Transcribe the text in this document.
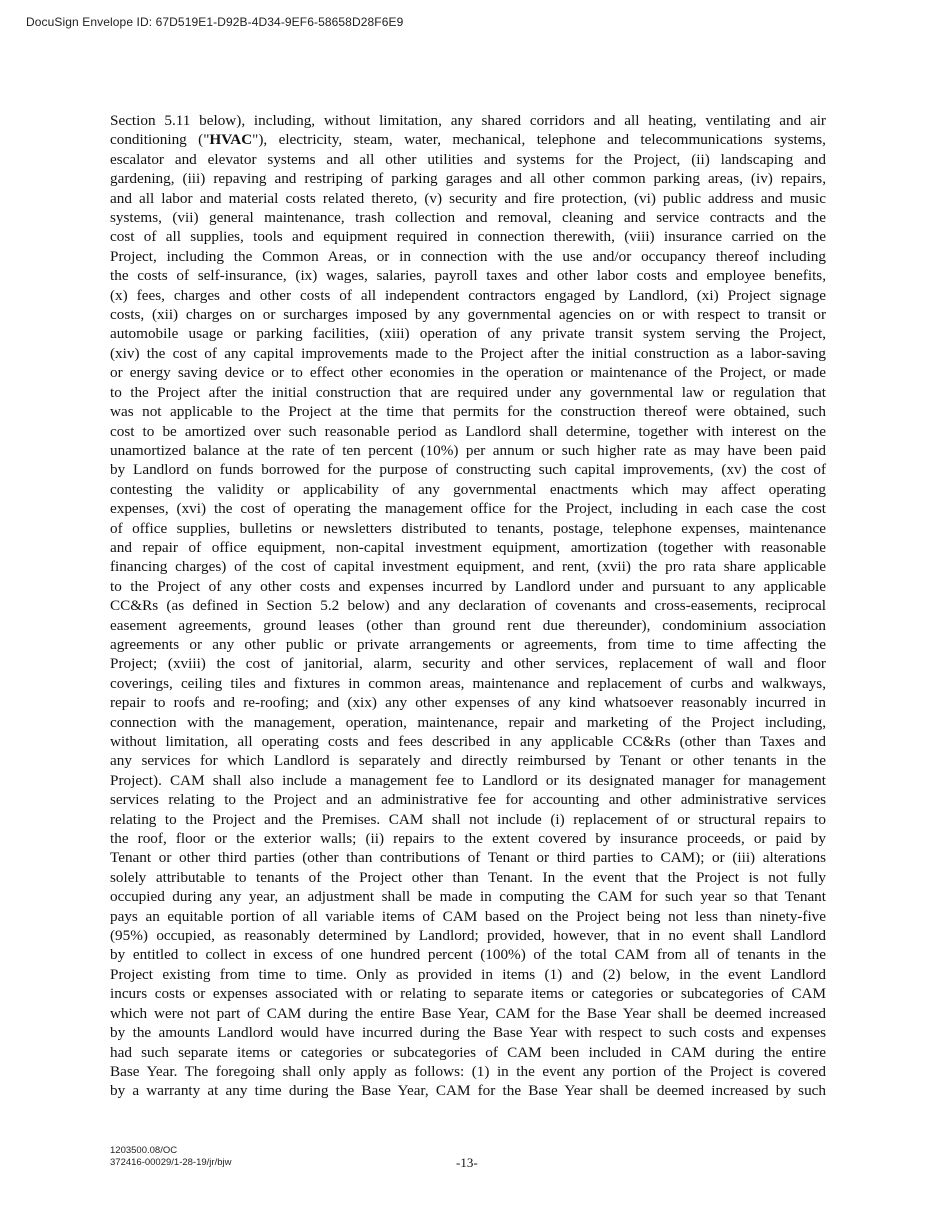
DocuSign Envelope ID: 67D519E1-D92B-4D34-9EF6-58658D28F6E9
Section 5.11 below), including, without limitation, any shared corridors and all heating, ventilating and air
conditioning ("HVAC"), electricity, steam, water, mechanical, telephone and telecommunications systems,
escalator and elevator systems and all other utilities and systems for the Project, (ii) landscaping and
gardening, (iii) repaving and restriping of parking garages and all other common parking areas, (iv) repairs,
and all labor and material costs related thereto, (v) security and fire protection, (vi) public address and music
systems, (vii) general maintenance, trash collection and removal, cleaning and service contracts and the
cost of all supplies, tools and equipment required in connection therewith, (viii) insurance carried on the
Project, including the Common Areas, or in connection with the use and/or occupancy thereof including
the costs of self-insurance, (ix) wages, salaries, payroll taxes and other labor costs and employee benefits,
(x) fees, charges and other costs of all independent contractors engaged by Landlord, (xi) Project signage
costs, (xii) charges on or surcharges imposed by any governmental agencies on or with respect to transit or
automobile usage or parking facilities, (xiii) operation of any private transit system serving the Project,
(xiv) the cost of any capital improvements made to the Project after the initial construction as a labor-saving
or energy saving device or to effect other economies in the operation or maintenance of the Project, or made
to the Project after the initial construction that are required under any governmental law or regulation that
was not applicable to the Project at the time that permits for the construction thereof were obtained, such
cost to be amortized over such reasonable period as Landlord shall determine, together with interest on the
unamortized balance at the rate of ten percent (10%) per annum or such higher rate as may have been paid
by Landlord on funds borrowed for the purpose of constructing such capital improvements, (xv) the cost of
contesting the validity or applicability of any governmental enactments which may affect operating
expenses, (xvi) the cost of operating the management office for the Project, including in each case the cost
of office supplies, bulletins or newsletters distributed to tenants, postage, telephone expenses, maintenance
and repair of office equipment, non-capital investment equipment, amortization (together with reasonable
financing charges) of the cost of capital investment equipment, and rent, (xvii) the pro rata share applicable
to the Project of any other costs and expenses incurred by Landlord under and pursuant to any applicable
CC&Rs (as defined in Section 5.2 below) and any declaration of covenants and cross-easements, reciprocal
easement agreements, ground leases (other than ground rent due thereunder), condominium association
agreements or any other public or private arrangements or agreements, from time to time affecting the
Project; (xviii) the cost of janitorial, alarm, security and other services, replacement of wall and floor
coverings, ceiling tiles and fixtures in common areas, maintenance and replacement of curbs and walkways,
repair to roofs and re-roofing; and (xix) any other expenses of any kind whatsoever reasonably incurred in
connection with the management, operation, maintenance, repair and marketing of the Project including,
without limitation, all operating costs and fees described in any applicable CC&Rs (other than Taxes and
any services for which Landlord is separately and directly reimbursed by Tenant or other tenants in the
Project). CAM shall also include a management fee to Landlord or its designated manager for management
services relating to the Project and an administrative fee for accounting and other administrative services
relating to the Project and the Premises. CAM shall not include (i) replacement of or structural repairs to
the roof, floor or the exterior walls; (ii) repairs to the extent covered by insurance proceeds, or paid by
Tenant or other third parties (other than contributions of Tenant or third parties to CAM); or (iii) alterations
solely attributable to tenants of the Project other than Tenant. In the event that the Project is not fully
occupied during any year, an adjustment shall be made in computing the CAM for such year so that Tenant
pays an equitable portion of all variable items of CAM based on the Project being not less than ninety-five
(95%) occupied, as reasonably determined by Landlord; provided, however, that in no event shall Landlord
by entitled to collect in excess of one hundred percent (100%) of the total CAM from all of tenants in the
Project existing from time to time. Only as provided in items (1) and (2) below, in the event Landlord
incurs costs or expenses associated with or relating to separate items or categories or subcategories of CAM
which were not part of CAM during the entire Base Year, CAM for the Base Year shall be deemed increased
by the amounts Landlord would have incurred during the Base Year with respect to such costs and expenses
had such separate items or categories or subcategories of CAM been included in CAM during the entire
Base Year. The foregoing shall only apply as follows: (1) in the event any portion of the Project is covered
by a warranty at any time during the Base Year, CAM for the Base Year shall be deemed increased by such
1203500.08/OC
372416-00029/1-28-19/jr/bjw	-13-
